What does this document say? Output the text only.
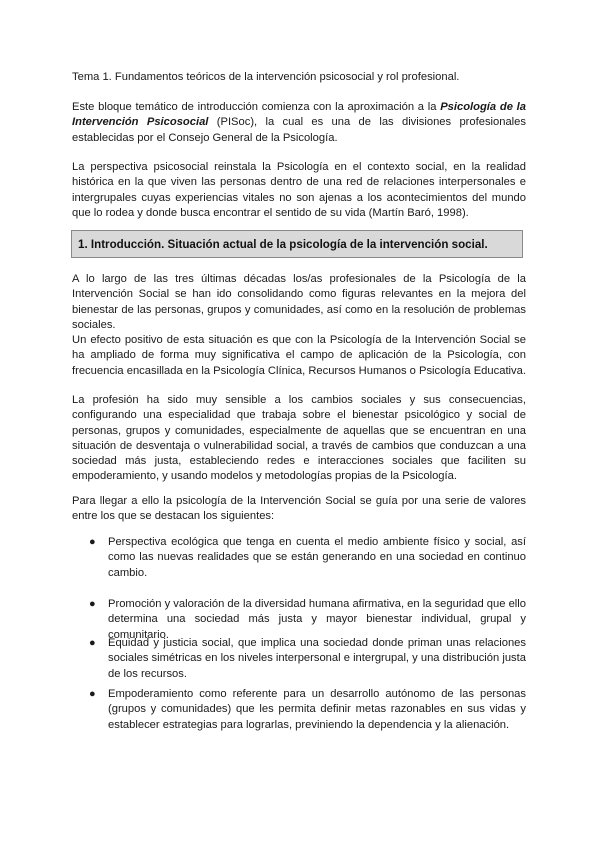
Tema 1. Fundamentos teóricos de la intervención psicosocial y rol profesional.

Este bloque temático de introducción comienza con la aproximación a la Psicología de la Intervención Psicosocial (PISoc), la cual es una de las divisiones profesionales establecidas por el Consejo General de la Psicología.

La perspectiva psicosocial reinstala la Psicología en el contexto social, en la realidad histórica en la que viven las personas dentro de una red de relaciones interpersonales e intergrupales cuyas experiencias vitales no son ajenas a los acontecimientos del mundo que lo rodea y donde busca encontrar el sentido de su vida (Martín Baró, 1998).

1. Introducción. Situación actual de la psicología de la intervención social.

A lo largo de las tres últimas décadas los/as profesionales de la Psicología de la Intervención Social se han ido consolidando como figuras relevantes en la mejora del bienestar de las personas, grupos y comunidades, así como en la resolución de problemas sociales.

Un efecto positivo de esta situación es que con la Psicología de la Intervención Social se ha ampliado de forma muy significativa el campo de aplicación de la Psicología, con frecuencia encasillada en la Psicología Clínica, Recursos Humanos o Psicología Educativa.

La profesión ha sido muy sensible a los cambios sociales y sus consecuencias, configurando una especialidad que trabaja sobre el bienestar psicológico y social de personas, grupos y comunidades, especialmente de aquellas que se encuentran en una situación de desventaja o vulnerabilidad social, a través de cambios que conduzcan a una sociedad más justa, estableciendo redes e interacciones sociales que faciliten su empoderamiento, y usando modelos y metodologías propias de la Psicología.

Para llegar a ello la psicología de la Intervención Social se guía por una serie de valores entre los que se destacan los siguientes:

● Perspectiva ecológica que tenga en cuenta el medio ambiente físico y social, así como las nuevas realidades que se están generando en una sociedad en continuo cambio.

● Promoción y valoración de la diversidad humana afirmativa, en la seguridad que ello determina una sociedad más justa y mayor bienestar individual, grupal y comunitario.

● Equidad y justicia social, que implica una sociedad donde priman unas relaciones sociales simétricas en los niveles interpersonal e intergrupal, y una distribución justa de los recursos.

● Empoderamiento como referente para un desarrollo autónomo de las personas (grupos y comunidades) que les permita definir metas razonables en sus vidas y establecer estrategias para lograrlas, previniendo la dependencia y la alienación.
